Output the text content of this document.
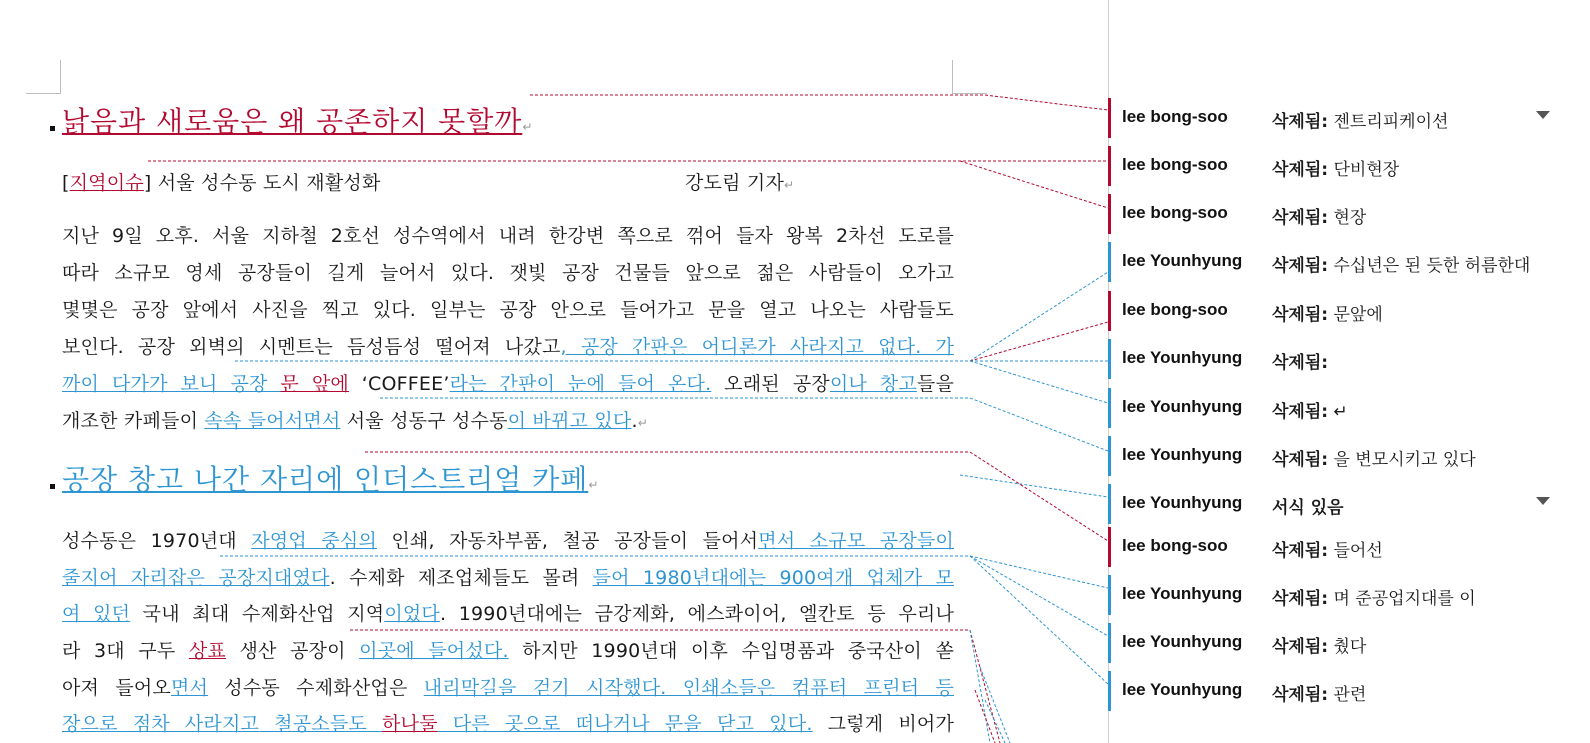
낡음과 새로움은 왜 공존하지 못할까↵
[지역이슈] 서울 성수동 도시 재활성화	강도림 기자↵
지난 9일 오후. 서울 지하철 2호선 성수역에서 내려 한강변 쪽으로 꺾어 들자 왕복 2차선 도로를
따라 소규모 영세 공장들이 길게 늘어서 있다. 잿빛 공장 건물들 앞으로 젊은 사람들이 오가고
몇몇은 공장 앞에서 사진을 찍고 있다. 일부는 공장 안으로 들어가고 문을 열고 나오는 사람들도
보인다. 공장 외벽의 시멘트는 듬성듬성 떨어져 나갔고, 공장 간판은 어디론가 사라지고 없다. 가
까이 다가가 보니 공장 문 앞에 ‘COFFEE’라는 간판이 눈에 들어 온다. 오래된 공장이나 창고들을
개조한 카페들이 속속 들어서면서 서울 성동구 성수동이 바뀌고 있다.↵
공장 창고 나간 자리에 인더스트리얼 카페↵
성수동은 1970년대 자영업 중심의 인쇄, 자동차부품, 철공 공장들이 들어서면서 소규모 공장들이
줄지어 자리잡은 공장지대였다. 수제화 제조업체들도 몰려 들어 1980년대에는 900여개 업체가 모
여 있던 국내 최대 수제화산업 지역이었다. 1990년대에는 금강제화, 에스콰이어, 엘칸토 등 우리나
라 3대 구두 상표 생산 공장이 이곳에 들어섰다. 하지만 1990년대 이후 수입명품과 중국산이 쏟
아져 들어오면서 성수동 수제화산업은 내리막길을 걷기 시작했다. 인쇄소들은 컴퓨터 프린터 등
장으로 점차 사라지고 철공소들도 하나둘 다른 곳으로 떠나거나 문을 닫고 있다. 그렇게 비어가
lee bong-soo	삭제됨: 젠트리피케이션
lee bong-soo	삭제됨: 단비현장
lee bong-soo	삭제됨: 현장
lee Younhyung 삭제됨: 수십년은 된 듯한 허름한대
lee bong-soo	삭제됨: 문앞에
lee Younhyung 삭제됨:
lee Younhyung 삭제됨: ↵
lee Younhyung 삭제됨: 을 변모시키고 있다
lee Younhyung 서식 있음
lee bong-soo	삭제됨: 들어선
lee Younhyung 삭제됨: 며 준공업지대를 이
lee Younhyung 삭제됨: 췄다
lee Younhyung 삭제됨: 관련
